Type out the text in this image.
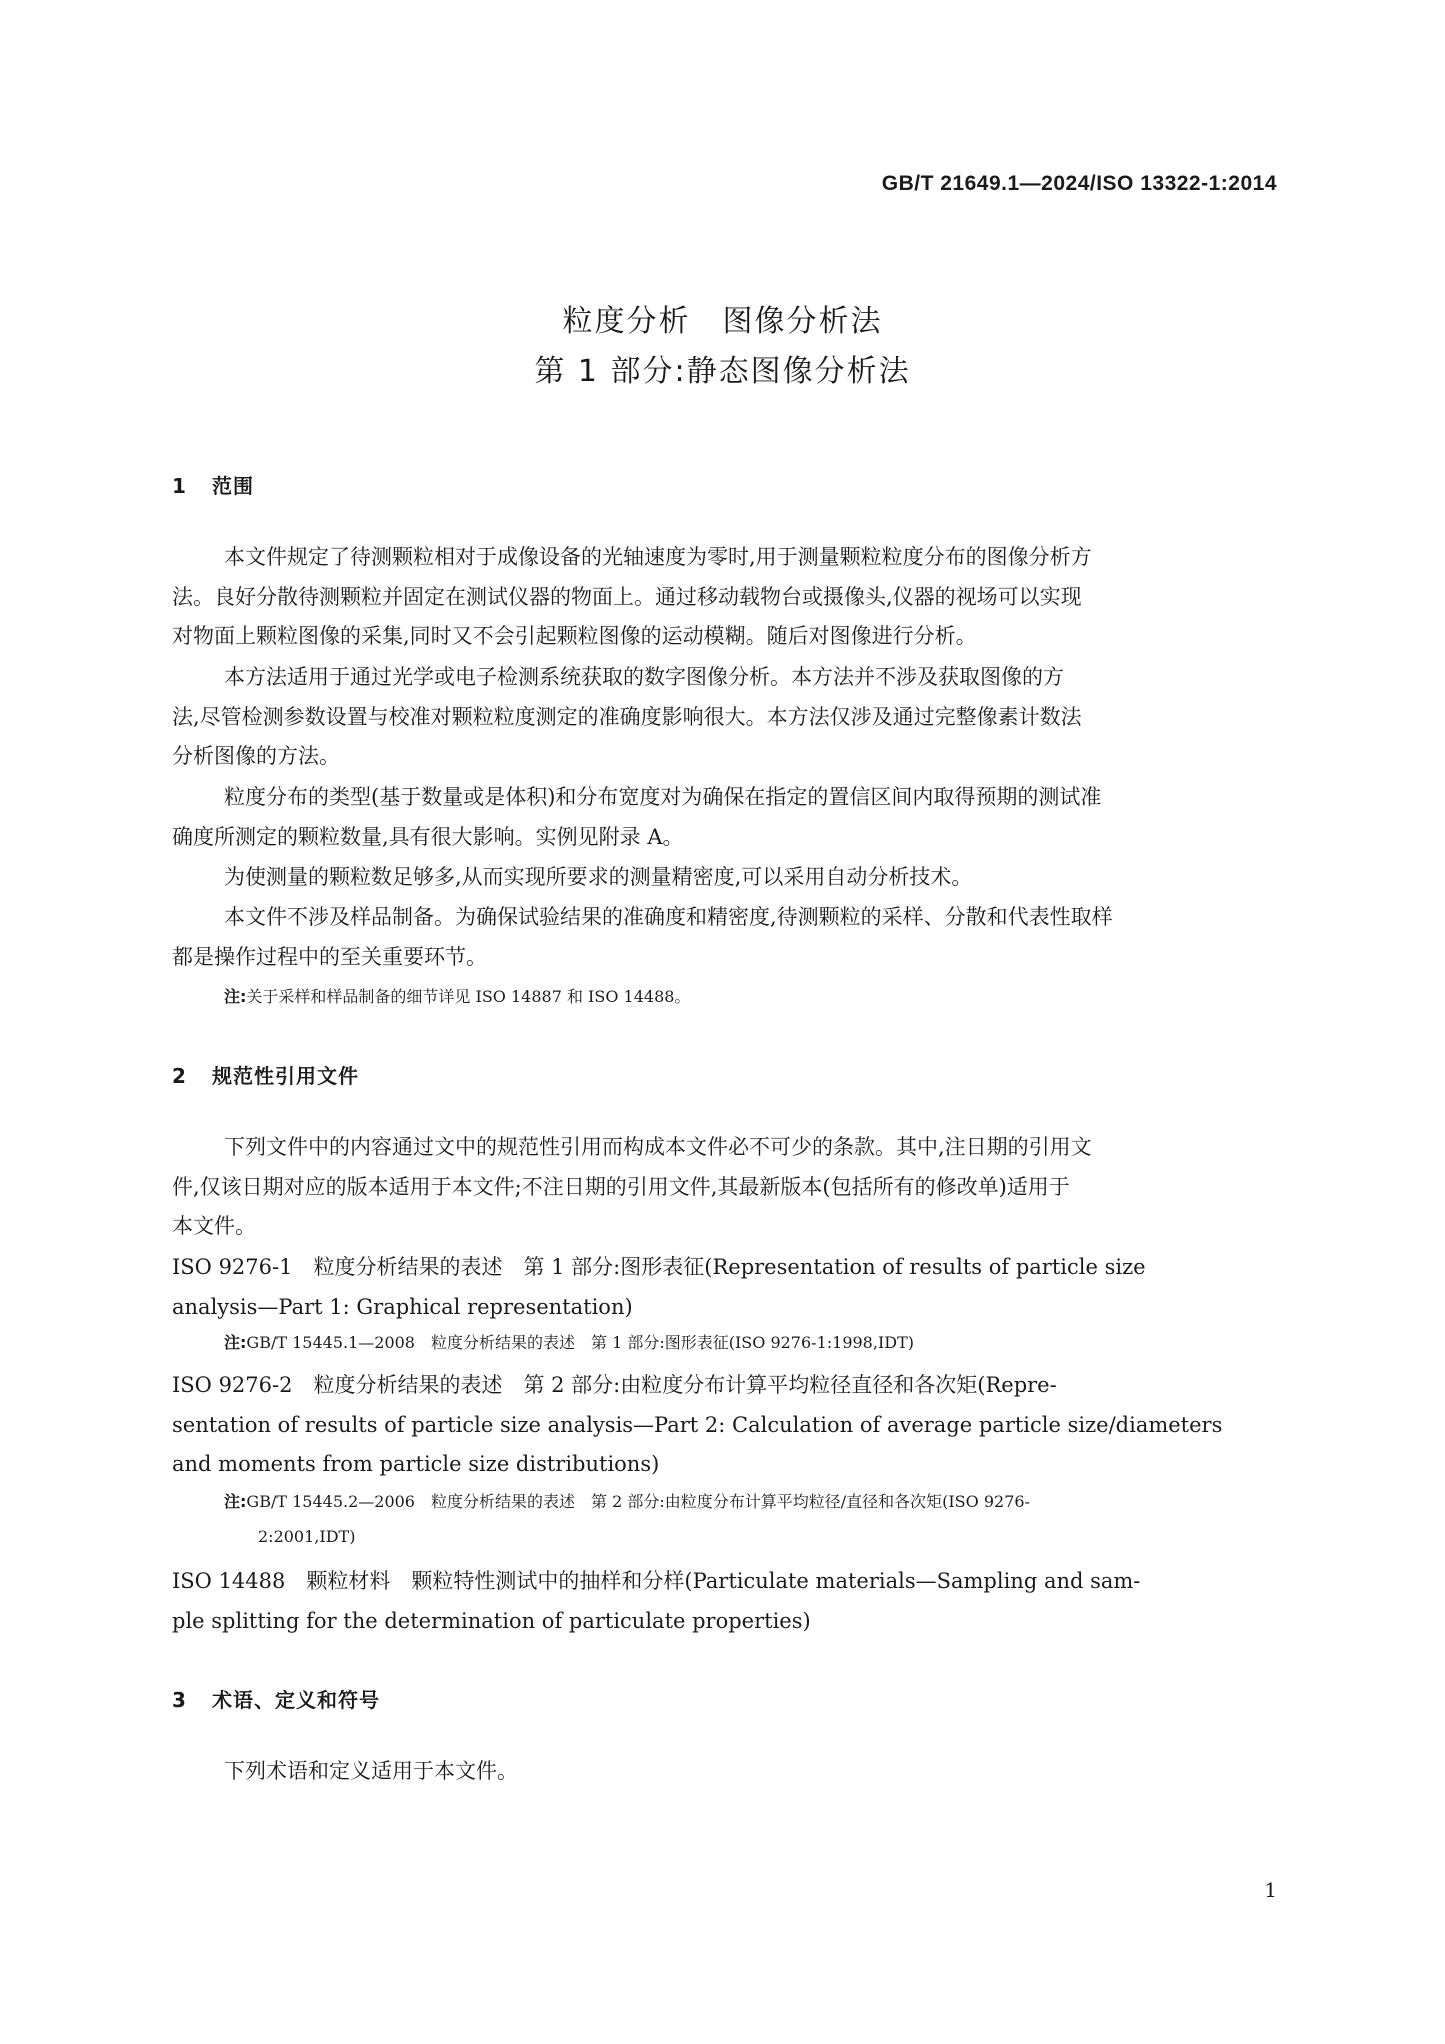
GB/T 21649.1—2024/ISO 13322-1:2014
粒度分析　图像分析法
第 1 部分:静态图像分析法
1 范围
本文件规定了待测颗粒相对于成像设备的光轴速度为零时,用于测量颗粒粒度分布的图像分析方
法。良好分散待测颗粒并固定在测试仪器的物面上。通过移动载物台或摄像头,仪器的视场可以实现
对物面上颗粒图像的采集,同时又不会引起颗粒图像的运动模糊。随后对图像进行分析。
本方法适用于通过光学或电子检测系统获取的数字图像分析。本方法并不涉及获取图像的方
法,尽管检测参数设置与校准对颗粒粒度测定的准确度影响很大。本方法仅涉及通过完整像素计数法
分析图像的方法。
粒度分布的类型(基于数量或是体积)和分布宽度对为确保在指定的置信区间内取得预期的测试准
确度所测定的颗粒数量,具有很大影响。实例见附录 A。
为使测量的颗粒数足够多,从而实现所要求的测量精密度,可以采用自动分析技术。
本文件不涉及样品制备。为确保试验结果的准确度和精密度,待测颗粒的采样、分散和代表性取样
都是操作过程中的至关重要环节。
注:关于采样和样品制备的细节详见 ISO 14887 和 ISO 14488。
2 规范性引用文件
下列文件中的内容通过文中的规范性引用而构成本文件必不可少的条款。其中,注日期的引用文
件,仅该日期对应的版本适用于本文件;不注日期的引用文件,其最新版本(包括所有的修改单)适用于
本文件。
ISO 9276-1　粒度分析结果的表述　第 1 部分:图形表征(Representation of results of particle size
analysis—Part 1: Graphical representation)
注:GB/T 15445.1—2008　粒度分析结果的表述　第 1 部分:图形表征(ISO 9276-1:1998,IDT)
ISO 9276-2　粒度分析结果的表述　第 2 部分:由粒度分布计算平均粒径直径和各次矩(Repre-
sentation of results of particle size analysis—Part 2: Calculation of average particle size/diameters
and moments from particle size distributions)
注:GB/T 15445.2—2006　粒度分析结果的表述　第 2 部分:由粒度分布计算平均粒径/直径和各次矩(ISO 9276-
2:2001,IDT)
ISO 14488　颗粒材料　颗粒特性测试中的抽样和分样(Particulate materials—Sampling and sam-
ple splitting for the determination of particulate properties)
3 术语、定义和符号
下列术语和定义适用于本文件。
1
